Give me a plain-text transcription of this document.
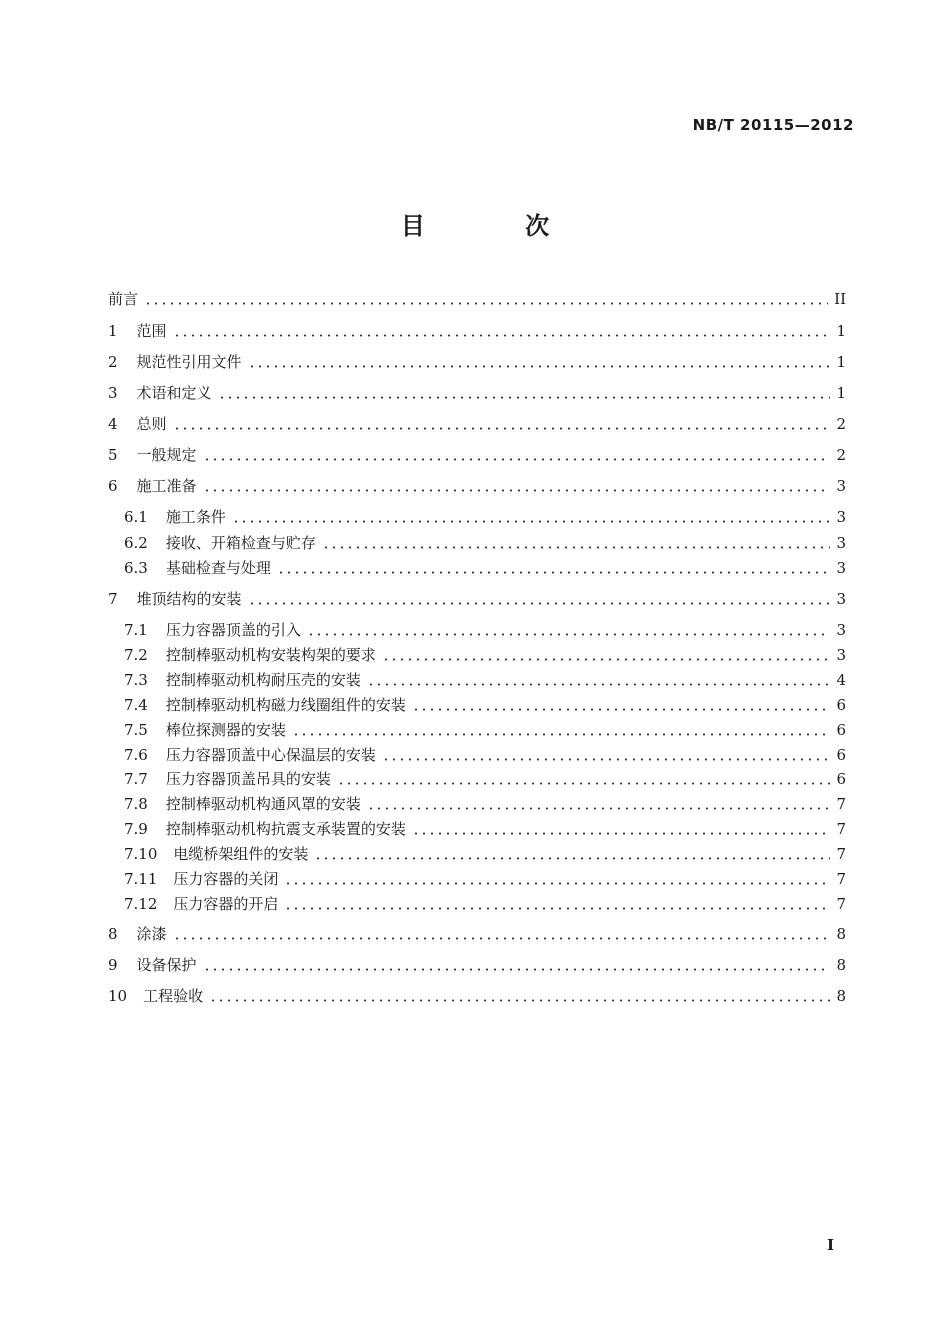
NB/T 20115—2012
目 次
前言	II
1 范围	1
2 规范性引用文件	1
3 术语和定义	1
4 总则	2
5 一般规定	2
6 施工准备	3
6.1 施工条件	3
6.2 接收、开箱检查与贮存	3
6.3 基础检查与处理	3
7 堆顶结构的安装	3
7.1 压力容器顶盖的引入	3
7.2 控制棒驱动机构安装构架的要求	3
7.3 控制棒驱动机构耐压壳的安装	4
7.4 控制棒驱动机构磁力线圈组件的安装	6
7.5 棒位探测器的安装	6
7.6 压力容器顶盖中心保温层的安装	6
7.7 压力容器顶盖吊具的安装	6
7.8 控制棒驱动机构通风罩的安装	7
7.9 控制棒驱动机构抗震支承装置的安装	7
7.10 电缆桥架组件的安装	7
7.11 压力容器的关闭	7
7.12 压力容器的开启	7
8 涂漆	8
9 设备保护	8
10 工程验收	8
I
